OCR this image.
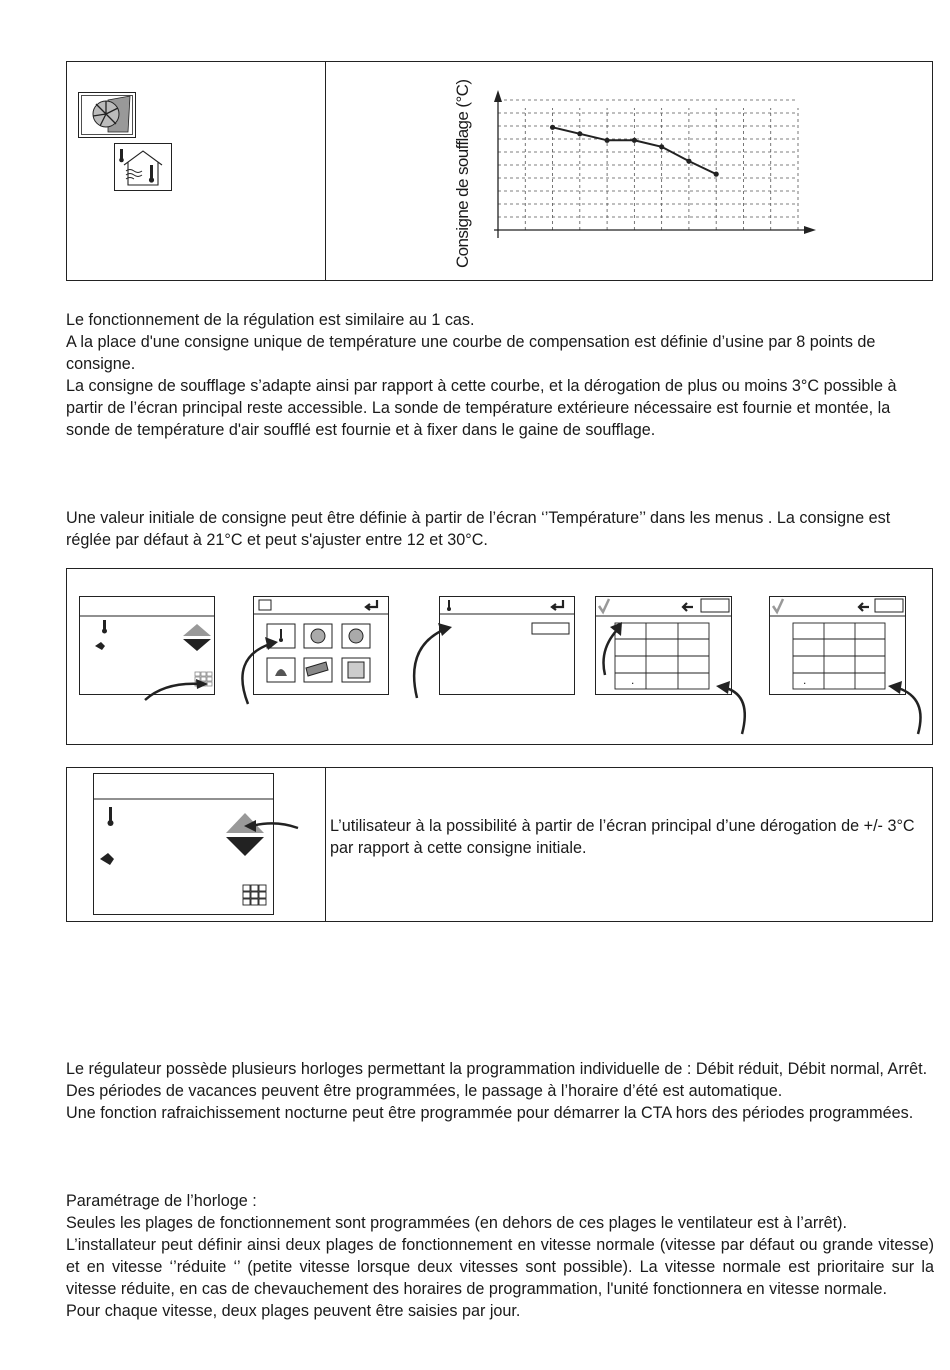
Consigne de soufflage (°C)

Le fonctionnement de la régulation est similaire au 1 cas.

A la place d'une consigne unique de température une courbe de compensation est définie d’usine par 8 points de consigne.

La consigne de soufflage s’adapte ainsi par rapport à cette courbe, et la dérogation de plus ou moins 3°C possible à partir de l’écran principal reste accessible. La sonde de température extérieure nécessaire est fournie et montée, la sonde de température d'air soufflé est fournie et à fixer dans le gaine de soufflage.

Une valeur initiale de consigne peut être définie à partir de l’écran ‘’Température’’ dans les menus . La consigne est réglée par défaut à 21°C et peut s'ajuster entre 12 et 30°C.

.	.
L’utilisateur à la possibilité à partir de l’écran principal d’une dérogation de +/- 3°C par rapport à cette consigne initiale.

Le régulateur possède plusieurs horloges permettant la programmation individuelle de : Débit réduit, Débit normal, Arrêt.

Des périodes de vacances peuvent être programmées, le passage à l’horaire d’été est automatique.

Une fonction rafraichissement nocturne peut être programmée pour démarrer la CTA hors des périodes programmées.

Paramétrage de l’horloge :

Seules les plages de fonctionnement sont programmées (en dehors de ces plages le ventilateur est à l’arrêt).

L’installateur peut définir ainsi deux plages de fonctionnement en vitesse normale (vitesse par défaut ou grande vitesse) et en vitesse ‘’réduite ‘’ (petite vitesse lorsque deux vitesses sont possible). La vitesse normale est prioritaire sur la vitesse réduite, en cas de chevauchement des horaires de programmation, l'unité fonctionnera en vitesse normale.

Pour chaque vitesse, deux plages peuvent être saisies par jour.
